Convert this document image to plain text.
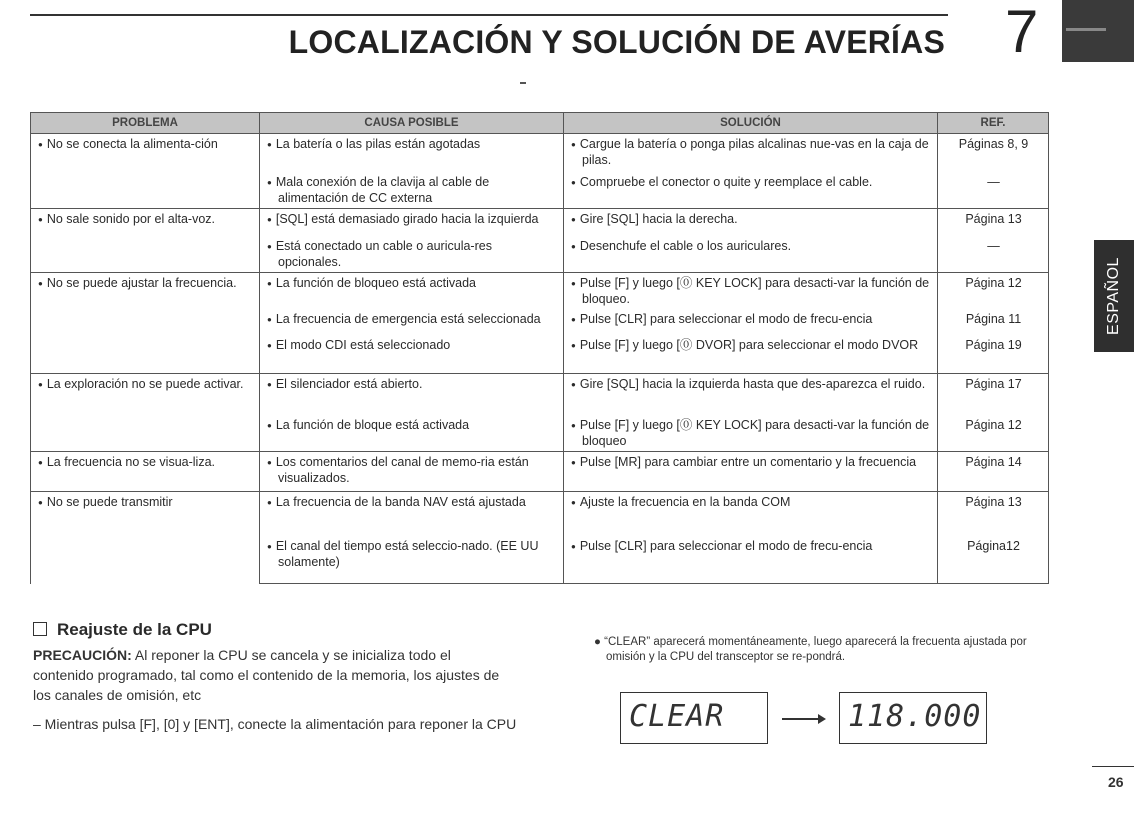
LOCALIZACIÓN Y SOLUCIÓN DE AVERÍAS 7
ESPAÑOL
PROBLEMA	CAUSA POSIBLE	SOLUCIÓN	REF.

● No se conecta la alimenta-ción	● La batería o las pilas están agotadas	● Cargue la batería o ponga pilas alcalinas nue-vas en la caja de pilas.	Páginas 8, 9

	● Mala conexión de la clavija al cable de alimentación de CC externa	● Compruebe el conector o quite y reemplace el cable.	—

● No sale sonido por el alta-voz.	● [SQL] está demasiado girado hacia la izquierda	● Gire [SQL] hacia la derecha.	Página 13

	● Está conectado un cable o auricula-res opcionales.	● Desenchufe el cable o los auriculares.	—

● No se puede ajustar la frecuencia.	● La función de bloqueo está activada	● Pulse [F] y luego [⓪ KEY LOCK] para desacti-var la función de bloqueo.	Página 12

	● La frecuencia de emergencia está seleccionada	● Pulse [CLR] para seleccionar el modo de frecu-encia	Página 11

	● El modo CDI está seleccionado	● Pulse [F] y luego [⓪ DVOR] para seleccionar el modo DVOR	Página 19

● La exploración no se puede activar.	● El silenciador está abierto.	● Gire [SQL] hacia la izquierda hasta que des-aparezca el ruido.	Página 17

	● La función de bloque está activada	● Pulse [F] y luego [⓪ KEY LOCK] para desacti-var la función de bloqueo	Página 12

● La frecuencia no se visua-liza.	● Los comentarios del canal de memo-ria están visualizados.	● Pulse [MR] para cambiar entre un comentario y la frecuencia	Página 14

● No se puede transmitir	● La frecuencia de la banda NAV está ajustada	● Ajuste la frecuencia en la banda COM	Página 13

	● El canal del tiempo está seleccio-nado. (EE UU solamente)	● Pulse [CLR] para seleccionar el modo de frecu-encia	Página12
Reajuste de la CPU
PRECAUCIÓN: Al reponer la CPU se cancela y se inicializa todo el contenido programado, tal como el contenido de la memoria, los ajustes de los canales de omisión, etc
– Mientras pulsa [F], [0] y [ENT], conecte la alimentación para reponer la CPU
● “CLEAR” aparecerá momentáneamente, luego aparecerá la frecuenta ajustada por omisión y la CPU del transceptor se re-pondrá.
CLEAR	118.000
26
